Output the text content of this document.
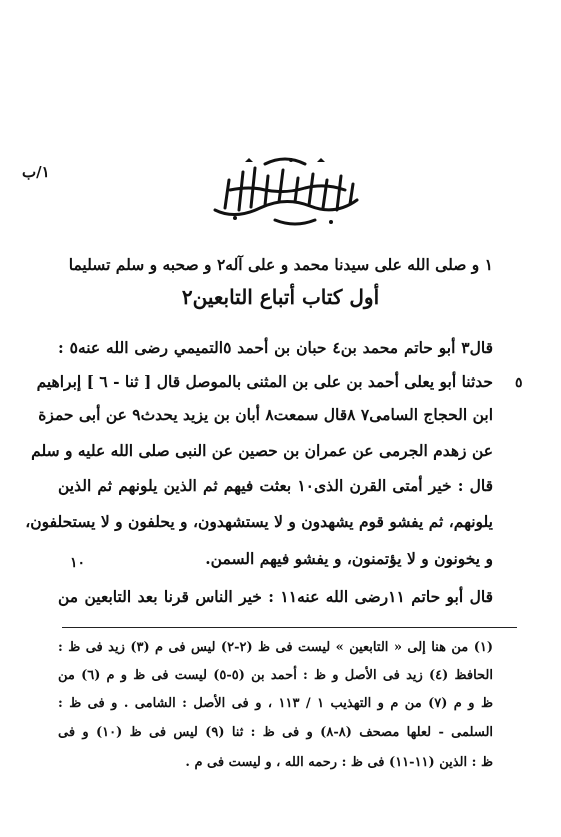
١/ب
١ و صلى الله على سيدنا محمد و على آله٢ و صحبه و سلم تسليما
أول كتاب أتباع التابعين٢
قال٣ أبو حاتم محمد بن٤ حبان بن أحمد ٥التميمي رضى الله عنه٥ :
حدثنا أبو يعلى أحمد بن على بن المثنى بالموصل قال [ ثنا - ٦ ] إبراهيم
ابن الحجاج السامى٧ ٨قال سمعت٨ أبان بن يزيد يحدث٩ عن أبى حمزة
عن زهدم الجرمى عن عمران بن حصين عن النبى صلى الله عليه و سلم
قال : خير أمتى القرن الذى١٠ بعثت فيهم ثم الذين يلونهم ثم الذين
يلونهم، ثم يفشو قوم يشهدون و لا يستشهدون، و يحلفون و لا يستحلفون،
و يخونون و لا يؤتمنون، و يفشو فيهم السمن.
قال أبو حاتم ١١رضى الله عنه١١ : خير الناس قرنا بعد التابعين من
٥
١٠
(١) من هنا إلى « التابعين » ليست فى ظ (٢-٢) ليس فى م (٣) زيد فى ظ :
الحافظ (٤) زيد فى الأصل و ظ : أحمد بن (٥-٥) ليست فى ظ و م (٦) من
ظ و م (٧) من م و التهذيب ١ / ١١٣ ، و فى الأصل : الشامى . و فى ظ :
السلمى - لعلها مصحف (٨-٨) و فى ظ : ثنا (٩) ليس فى ظ (١٠) و فى
ظ : الذين (١١-١١) فى ظ : رحمه الله ، و ليست فى م .
